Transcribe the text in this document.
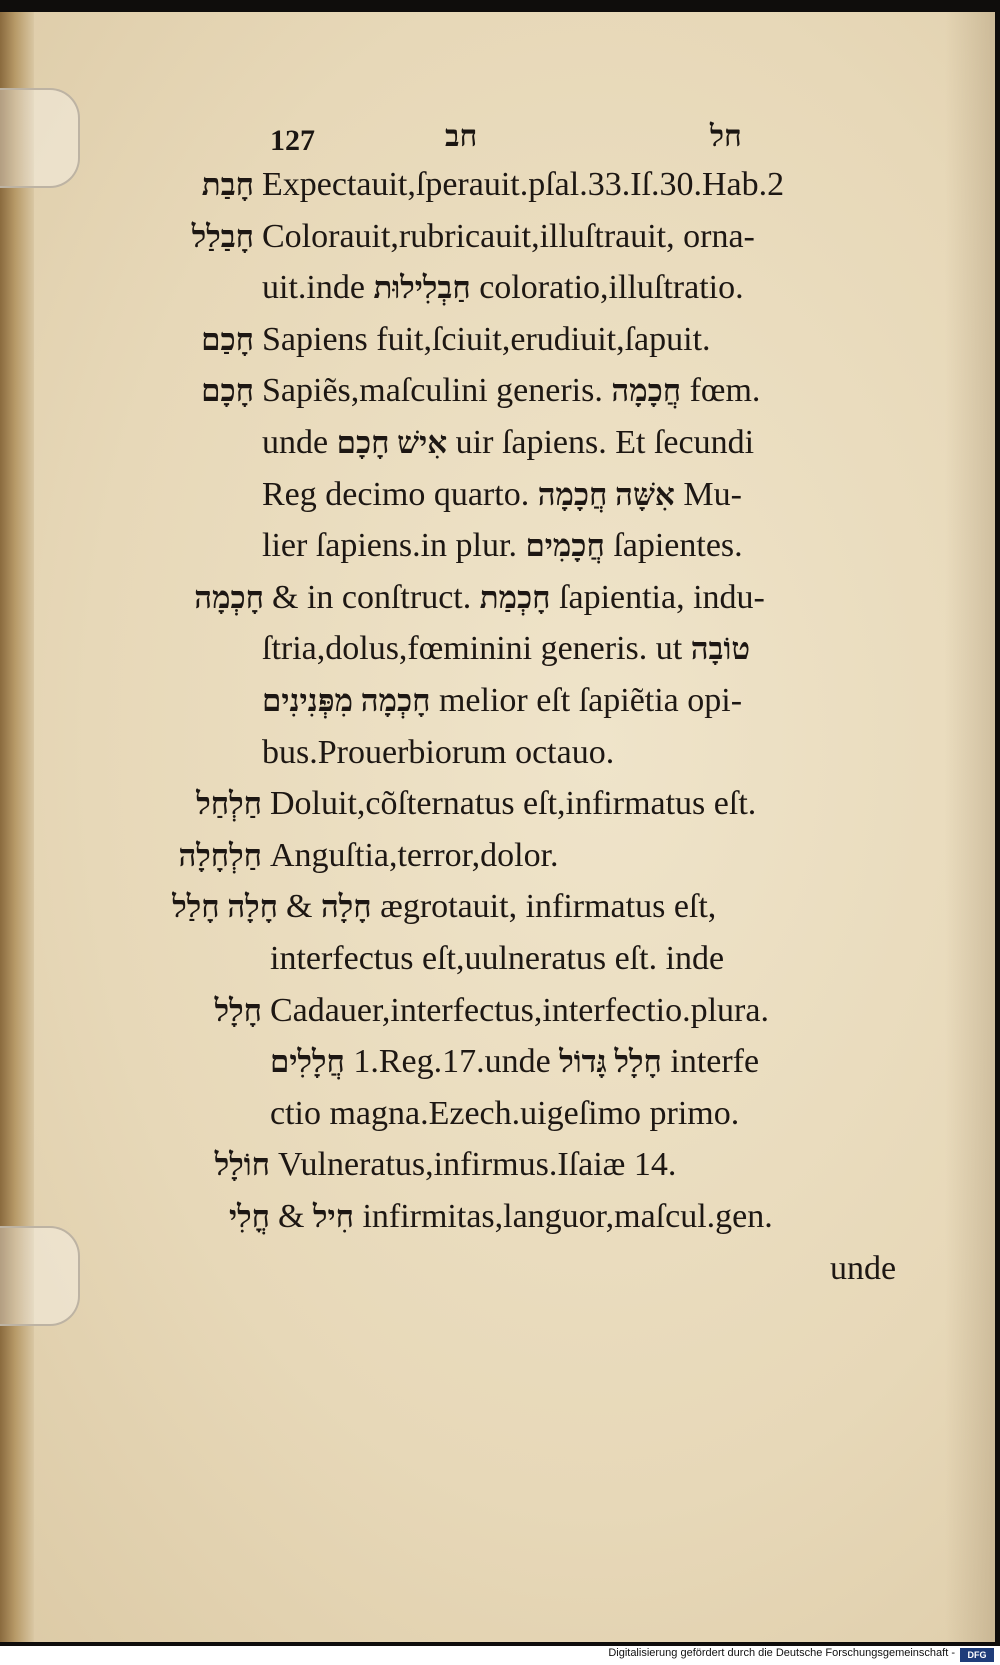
127	חב	חל
חָבַת Expectauit,ſperauit.pſal.33.Iſ.30.Hab.2
חָבַלַל Colorauit,rubricauit,illuſtrauit, orna-
uit.inde חַבְלִילוּת coloratio,illuſtratio.
חָכַם Sapiens fuit,ſciuit,erudiuit,ſapuit.
חָכָם Sapiẽs,maſculini generis. חֲכָמָה fœm.
unde אִישׁ חָכָם uir ſapiens. Et ſecundi
Reg decimo quarto. אִשָּׁה חֲכָמָה Mu-
lier ſapiens.in plur. חֲכָמִים ſapientes.
חָכְמָה & in conſtruct. חָכְמַת ſapientia, indu-
ſtria,dolus,fœminini generis. ut טוֹבָה
חָכְמָה מִפְּנִינִים melior eſt ſapiẽtia opi-
bus.Prouerbiorum octauo.
חַלְחַל Doluit,cõſternatus eſt,infirmatus eſt.
חַלְחָלָה Anguſtia,terror,dolor.
חָלָה חָלַל & חָלָה ægrotauit, infirmatus eſt,
interfectus eſt,uulneratus eſt. inde
חָלָל Cadauer,interfectus,interfectio.plura.
חֲלָלִים 1.Reg.17.unde חָלָל גָּדוֹל interfe
ctio magna.Ezech.uigeſimo primo.
חוֹלָל Vulneratus,infirmus.Iſaiæ 14.
חֳלִי & חִיל infirmitas,languor,maſcul.gen.
unde
Digitalisierung gefördert durch die Deutsche Forschungsgemeinschaft -	DFG
